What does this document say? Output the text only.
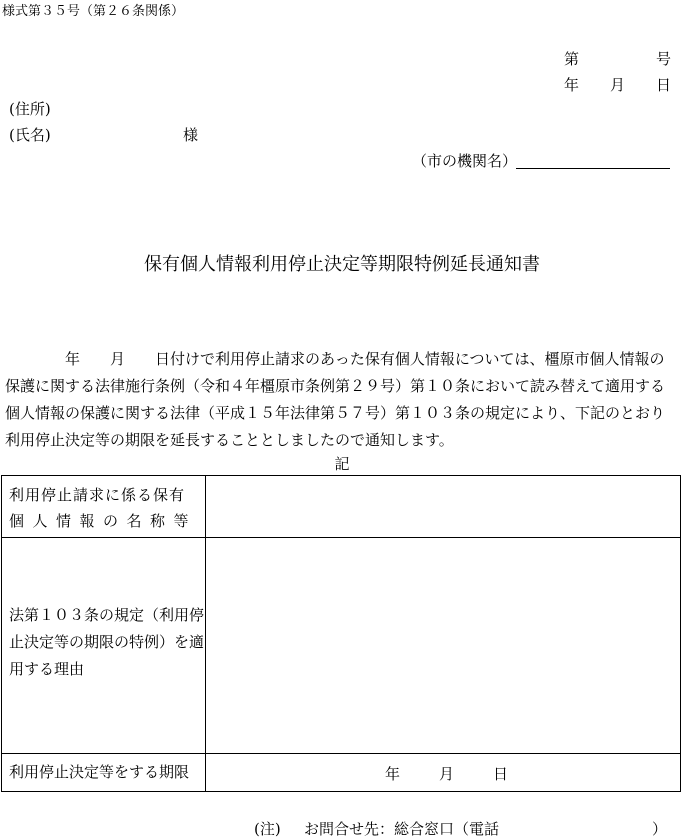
様式第３５号（第２６条関係）
第	号
年 月 日
(住所)
(氏名)	様
（市の機関名）
保有個人情報利用停止決定等期限特例延長通知書
　　　　年　　月　　日付けで利用停止請求のあった保有個人情報については、橿原市個人情報の
保護に関する法律施行条例（令和４年橿原市条例第２９号）第１０条において読み替えて適用する
個人情報の保護に関する法律（平成１５年法律第５７号）第１０３条の規定により、下記のとおり
利用停止決定等の期限を延長することとしましたので通知します。
記
利用停止請求に係る保有
個人情報の名称等
法第１０３条の規定（利用停止決定等の期限の特例）を適用する理由
利用停止決定等をする期限	年	月	日
(注) お問合せ先：総合窓口（電話	）
